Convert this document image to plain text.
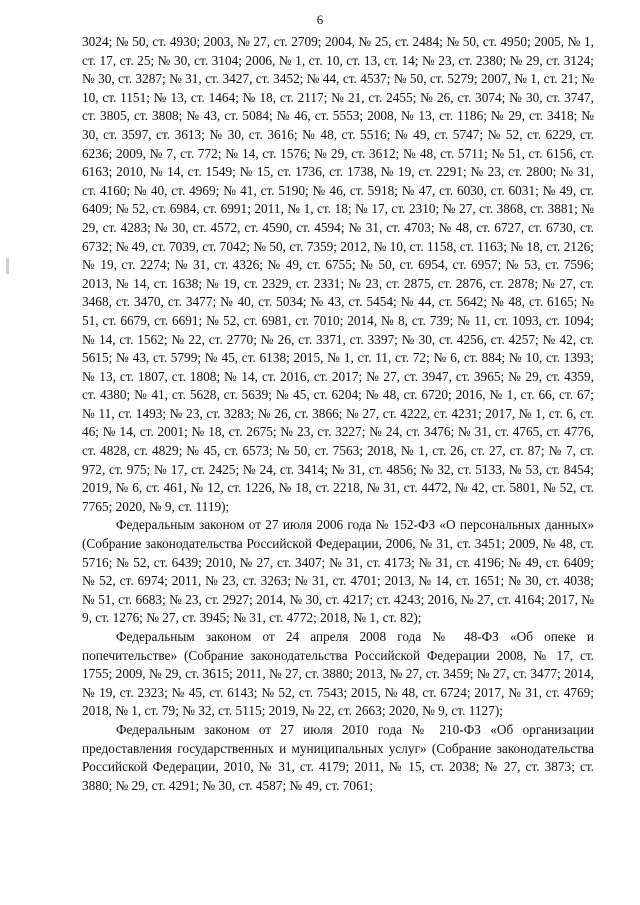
6

3024; № 50, ст. 4930; 2003, № 27, ст. 2709; 2004, № 25, ст. 2484; № 50, ст. 4950; 2005, № 1, ст. 17, ст. 25; № 30, ст. 3104; 2006, № 1, ст. 10, ст. 13, ст. 14; № 23, ст. 2380; № 29, ст. 3124; № 30, ст. 3287; № 31, ст. 3427, ст. 3452; № 44, ст. 4537; № 50, ст. 5279; 2007, № 1, ст. 21; № 10, ст. 1151; № 13, ст. 1464; № 18, ст. 2117; № 21, ст. 2455; № 26, ст. 3074; № 30, ст. 3747, ст. 3805, ст. 3808; № 43, ст. 5084; № 46, ст. 5553; 2008, № 13, ст. 1186; № 29, ст. 3418; № 30, ст. 3597, ст. 3613; № 30, ст. 3616; № 48, ст. 5516; № 49, ст. 5747; № 52, ст. 6229, ст. 6236; 2009, № 7, ст. 772; № 14, ст. 1576; № 29, ст. 3612; № 48, ст. 5711; № 51, ст. 6156, ст. 6163; 2010, № 14, ст. 1549; № 15, ст. 1736, ст. 1738, № 19, ст. 2291; № 23, ст. 2800; № 31, ст. 4160; № 40, ст. 4969; № 41, ст. 5190; № 46, ст. 5918; № 47, ст. 6030, ст. 6031; № 49, ст. 6409; № 52, ст. 6984, ст. 6991; 2011, № 1, ст. 18; № 17, ст. 2310; № 27, ст. 3868, ст. 3881; № 29, ст. 4283; № 30, ст. 4572, ст. 4590, ст. 4594; № 31, ст. 4703; № 48, ст. 6727, ст. 6730, ст. 6732; № 49, ст. 7039, ст. 7042; № 50, ст. 7359; 2012, № 10, ст. 1158, ст. 1163; № 18, ст. 2126; № 19, ст. 2274; № 31, ст. 4326; № 49, ст. 6755; № 50, ст. 6954, ст. 6957; № 53, ст. 7596; 2013, № 14, ст. 1638; № 19, ст. 2329, ст. 2331; № 23, ст. 2875, ст. 2876, ст. 2878; № 27, ст. 3468, ст. 3470, ст. 3477; № 40, ст. 5034; № 43, ст. 5454; № 44, ст. 5642; № 48, ст. 6165; № 51, ст. 6679, ст. 6691; № 52, ст. 6981, ст. 7010; 2014, № 8, ст. 739; № 11, ст. 1093, ст. 1094; № 14, ст. 1562; № 22, ст. 2770; № 26, ст. 3371, ст. 3397; № 30, ст. 4256, ст. 4257; № 42, ст. 5615; № 43, ст. 5799; № 45, ст. 6138; 2015, № 1, ст. 11, ст. 72; № 6, ст. 884; № 10, ст. 1393; № 13, ст. 1807, ст. 1808; № 14, ст. 2016, ст. 2017; № 27, ст. 3947, ст. 3965; № 29, ст. 4359, ст. 4380; № 41, ст. 5628, ст. 5639; № 45, ст. 6204; № 48, ст. 6720; 2016, № 1, ст. 66, ст. 67; № 11, ст. 1493; № 23, ст. 3283; № 26, ст. 3866; № 27, ст. 4222, ст. 4231; 2017, № 1, ст. 6, ст. 46; № 14, ст. 2001; № 18, ст. 2675; № 23, ст. 3227; № 24, ст. 3476; № 31, ст. 4765, ст. 4776, ст. 4828, ст. 4829; № 45, ст. 6573; № 50, ст. 7563; 2018, № 1, ст. 26, ст. 27, ст. 87; № 7, ст. 972, ст. 975; № 17, ст. 2425; № 24, ст. 3414; № 31, ст. 4856; № 32, ст. 5133, № 53, ст. 8454; 2019, № 6, ст. 461, № 12, ст. 1226, № 18, ст. 2218, № 31, ст. 4472, № 42, ст. 5801, № 52, ст. 7765; 2020, № 9, ст. 1119);

Федеральным законом от 27 июля 2006 года № 152-ФЗ «О персональных данных» (Собрание законодательства Российской Федерации, 2006, № 31, ст. 3451; 2009, № 48, ст. 5716; № 52, ст. 6439; 2010, № 27, ст. 3407; № 31, ст. 4173; № 31, ст. 4196; № 49, ст. 6409; № 52, ст. 6974; 2011, № 23, ст. 3263; № 31, ст. 4701; 2013, № 14, ст. 1651; № 30, ст. 4038; № 51, ст. 6683; № 23, ст. 2927; 2014, № 30, ст. 4217; ст. 4243; 2016, № 27, ст. 4164; 2017, № 9, ст. 1276; № 27, ст. 3945; № 31, ст. 4772; 2018, № 1, ст. 82);

Федеральным законом от 24 апреля 2008 года № 48-ФЗ «Об опеке и попечительстве» (Собрание законодательства Российской Федерации 2008, № 17, ст. 1755; 2009, № 29, ст. 3615; 2011, № 27, ст. 3880; 2013, № 27, ст. 3459; № 27, ст. 3477; 2014, № 19, ст. 2323; № 45, ст. 6143; № 52, ст. 7543; 2015, № 48, ст. 6724; 2017, № 31, ст. 4769; 2018, № 1, ст. 79; № 32, ст. 5115; 2019, № 22, ст. 2663; 2020, № 9, ст. 1127);

Федеральным законом от 27 июля 2010 года № 210-ФЗ «Об организации предоставления государственных и муниципальных услуг» (Собрание законодательства Российской Федерации, 2010, № 31, ст. 4179; 2011, № 15, ст. 2038; № 27, ст. 3873; ст. 3880; № 29, ст. 4291; № 30, ст. 4587; № 49, ст. 7061;
